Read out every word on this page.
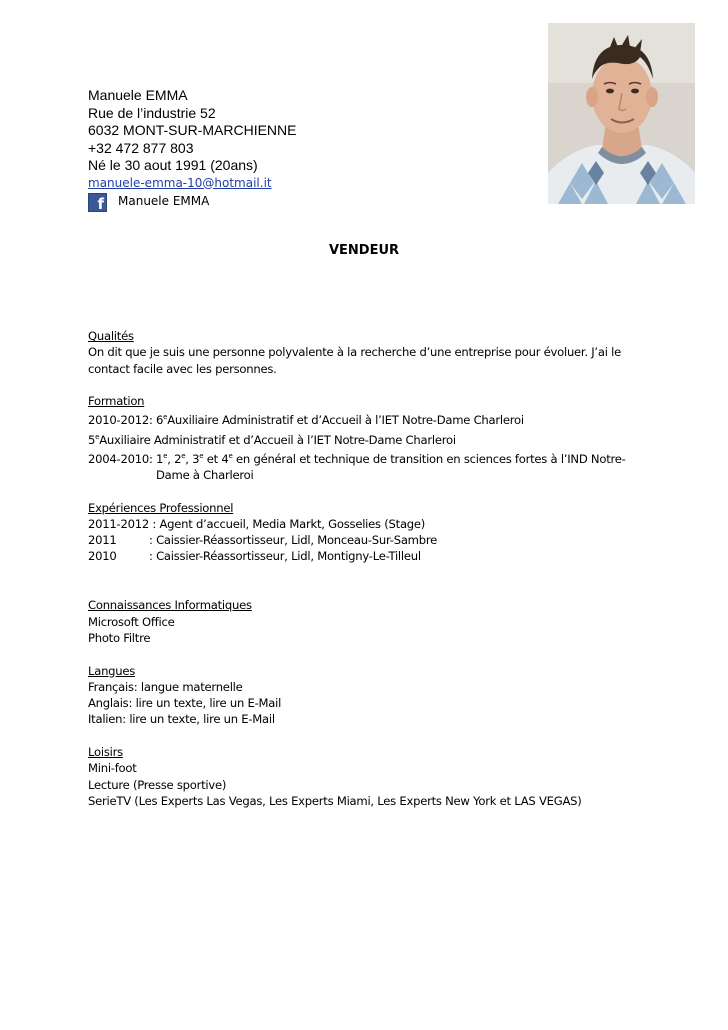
Manuele EMMA
Rue de l’industrie 52
6032 MONT-SUR-MARCHIENNE
+32 472 877 803
Né le 30 aout 1991 (20ans)
manuele-emma-10@hotmail.it
f Manuele EMMA
VENDEUR
Qualités
On dit que je suis une personne polyvalente à la recherche d’une entreprise pour évoluer. J’ai le
contact facile avec les personnes.
Formation
2010-2012: 6eAuxiliaire Administratif et d’Accueil à l’IET Notre-Dame Charleroi
5eAuxiliaire Administratif et d’Accueil à l’IET Notre-Dame Charleroi
2004-2010: 1e, 2e, 3e et 4e en général et technique de transition en sciences fortes à l’IND Notre-
Dame à Charleroi
Expériences Professionnel
2011-2012 : Agent d’accueil, Media Markt, Gosselies (Stage)
2011	: Caissier-Réassortisseur, Lidl, Monceau-Sur-Sambre
2010	: Caissier-Réassortisseur, Lidl, Montigny-Le-Tilleul
Connaissances Informatiques
Microsoft Office
Photo Filtre
Langues
Français: langue maternelle
Anglais: lire un texte, lire un E-Mail
Italien: lire un texte, lire un E-Mail
Loisirs
Mini-foot
Lecture (Presse sportive)
SerieTV (Les Experts Las Vegas, Les Experts Miami, Les Experts New York et LAS VEGAS)
